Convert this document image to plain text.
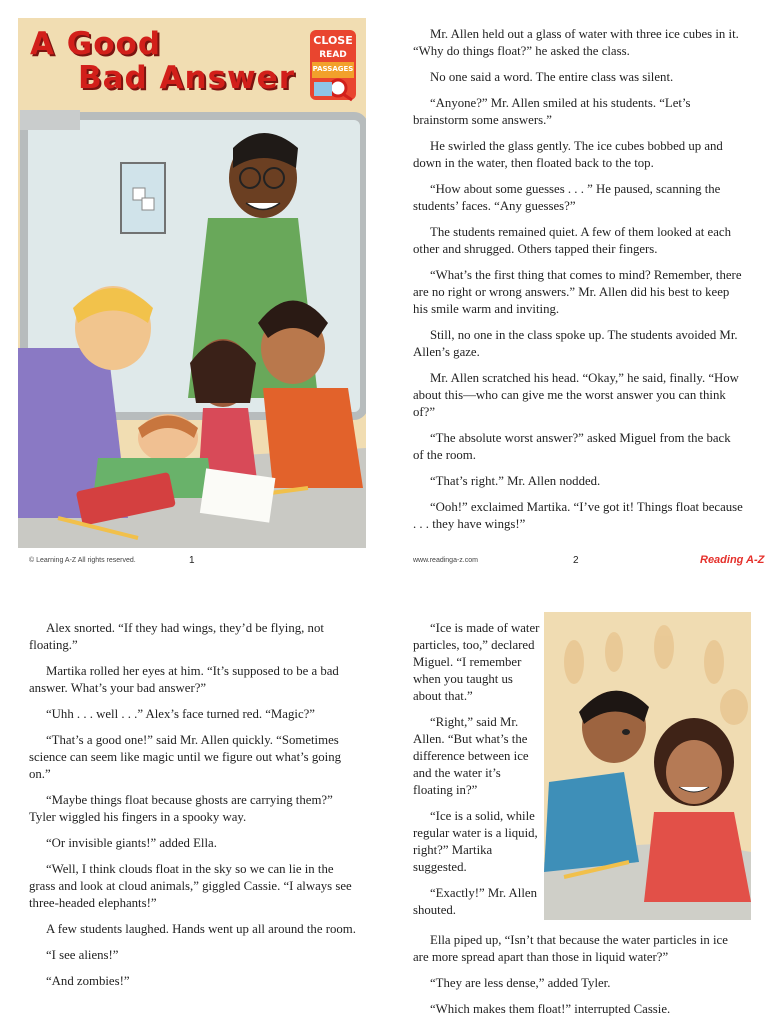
A Good
Bad Answer
CLOSE
READ
PASSAGES
© Learning A-Z All rights reserved.	1

Mr. Allen held out a glass of water with three ice cubes in it. “Why do things float?” he asked the class.

No one said a word. The entire class was silent.

“Anyone?” Mr. Allen smiled at his students. “Let’s brainstorm some answers.”

He swirled the glass gently. The ice cubes bobbed up and down in the water, then floated back to the top.

“How about some guesses . . . ” He paused, scanning the students’ faces. “Any guesses?”

The students remained quiet. A few of them looked at each other and shrugged. Others tapped their fingers.

“What’s the first thing that comes to mind? Remember, there are no right or wrong answers.” Mr. Allen did his best to keep his smile warm and inviting.

Still, no one in the class spoke up. The students avoided Mr. Allen’s gaze.

Mr. Allen scratched his head. “Okay,” he said, finally. “How about this—who can give me the worst answer you can think of?”

“The absolute worst answer?” asked Miguel from the back of the room.

“That’s right.” Mr. Allen nodded.

“Ooh!” exclaimed Martika. “I’ve got it! Things float because . . . they have wings!”

www.readinga-z.com	2	Reading A-Z

Alex snorted. “If they had wings, they’d be flying, not floating.”

Martika rolled her eyes at him. “It’s supposed to be a bad answer. What’s your bad answer?”

“Uhh . . . well . . .” Alex’s face turned red. “Magic?”

“That’s a good one!” said Mr. Allen quickly. “Sometimes science can seem like magic until we figure out what’s going on.”

“Maybe things float because ghosts are carrying them?” Tyler wiggled his fingers in a spooky way.

“Or invisible giants!” added Ella.

“Well, I think clouds float in the sky so we can lie in the grass and look at cloud animals,” giggled Cassie. “I always see three-headed elephants!”

A few students laughed. Hands went up all around the room.

“I see aliens!”

“And zombies!”

“Ice is made of water particles, too,” declared Miguel. “I remember when you taught us about that.”

“Right,” said Mr. Allen. “But what’s the difference between ice and the water it’s floating in?”

“Ice is a solid, while regular water is a liquid, right?” Martika suggested.

“Exactly!” Mr. Allen shouted.

Ella piped up, “Isn’t that because the water particles in ice are more spread apart than those in liquid water?”

“They are less dense,” added Tyler.

“Which makes them float!” interrupted Cassie.
